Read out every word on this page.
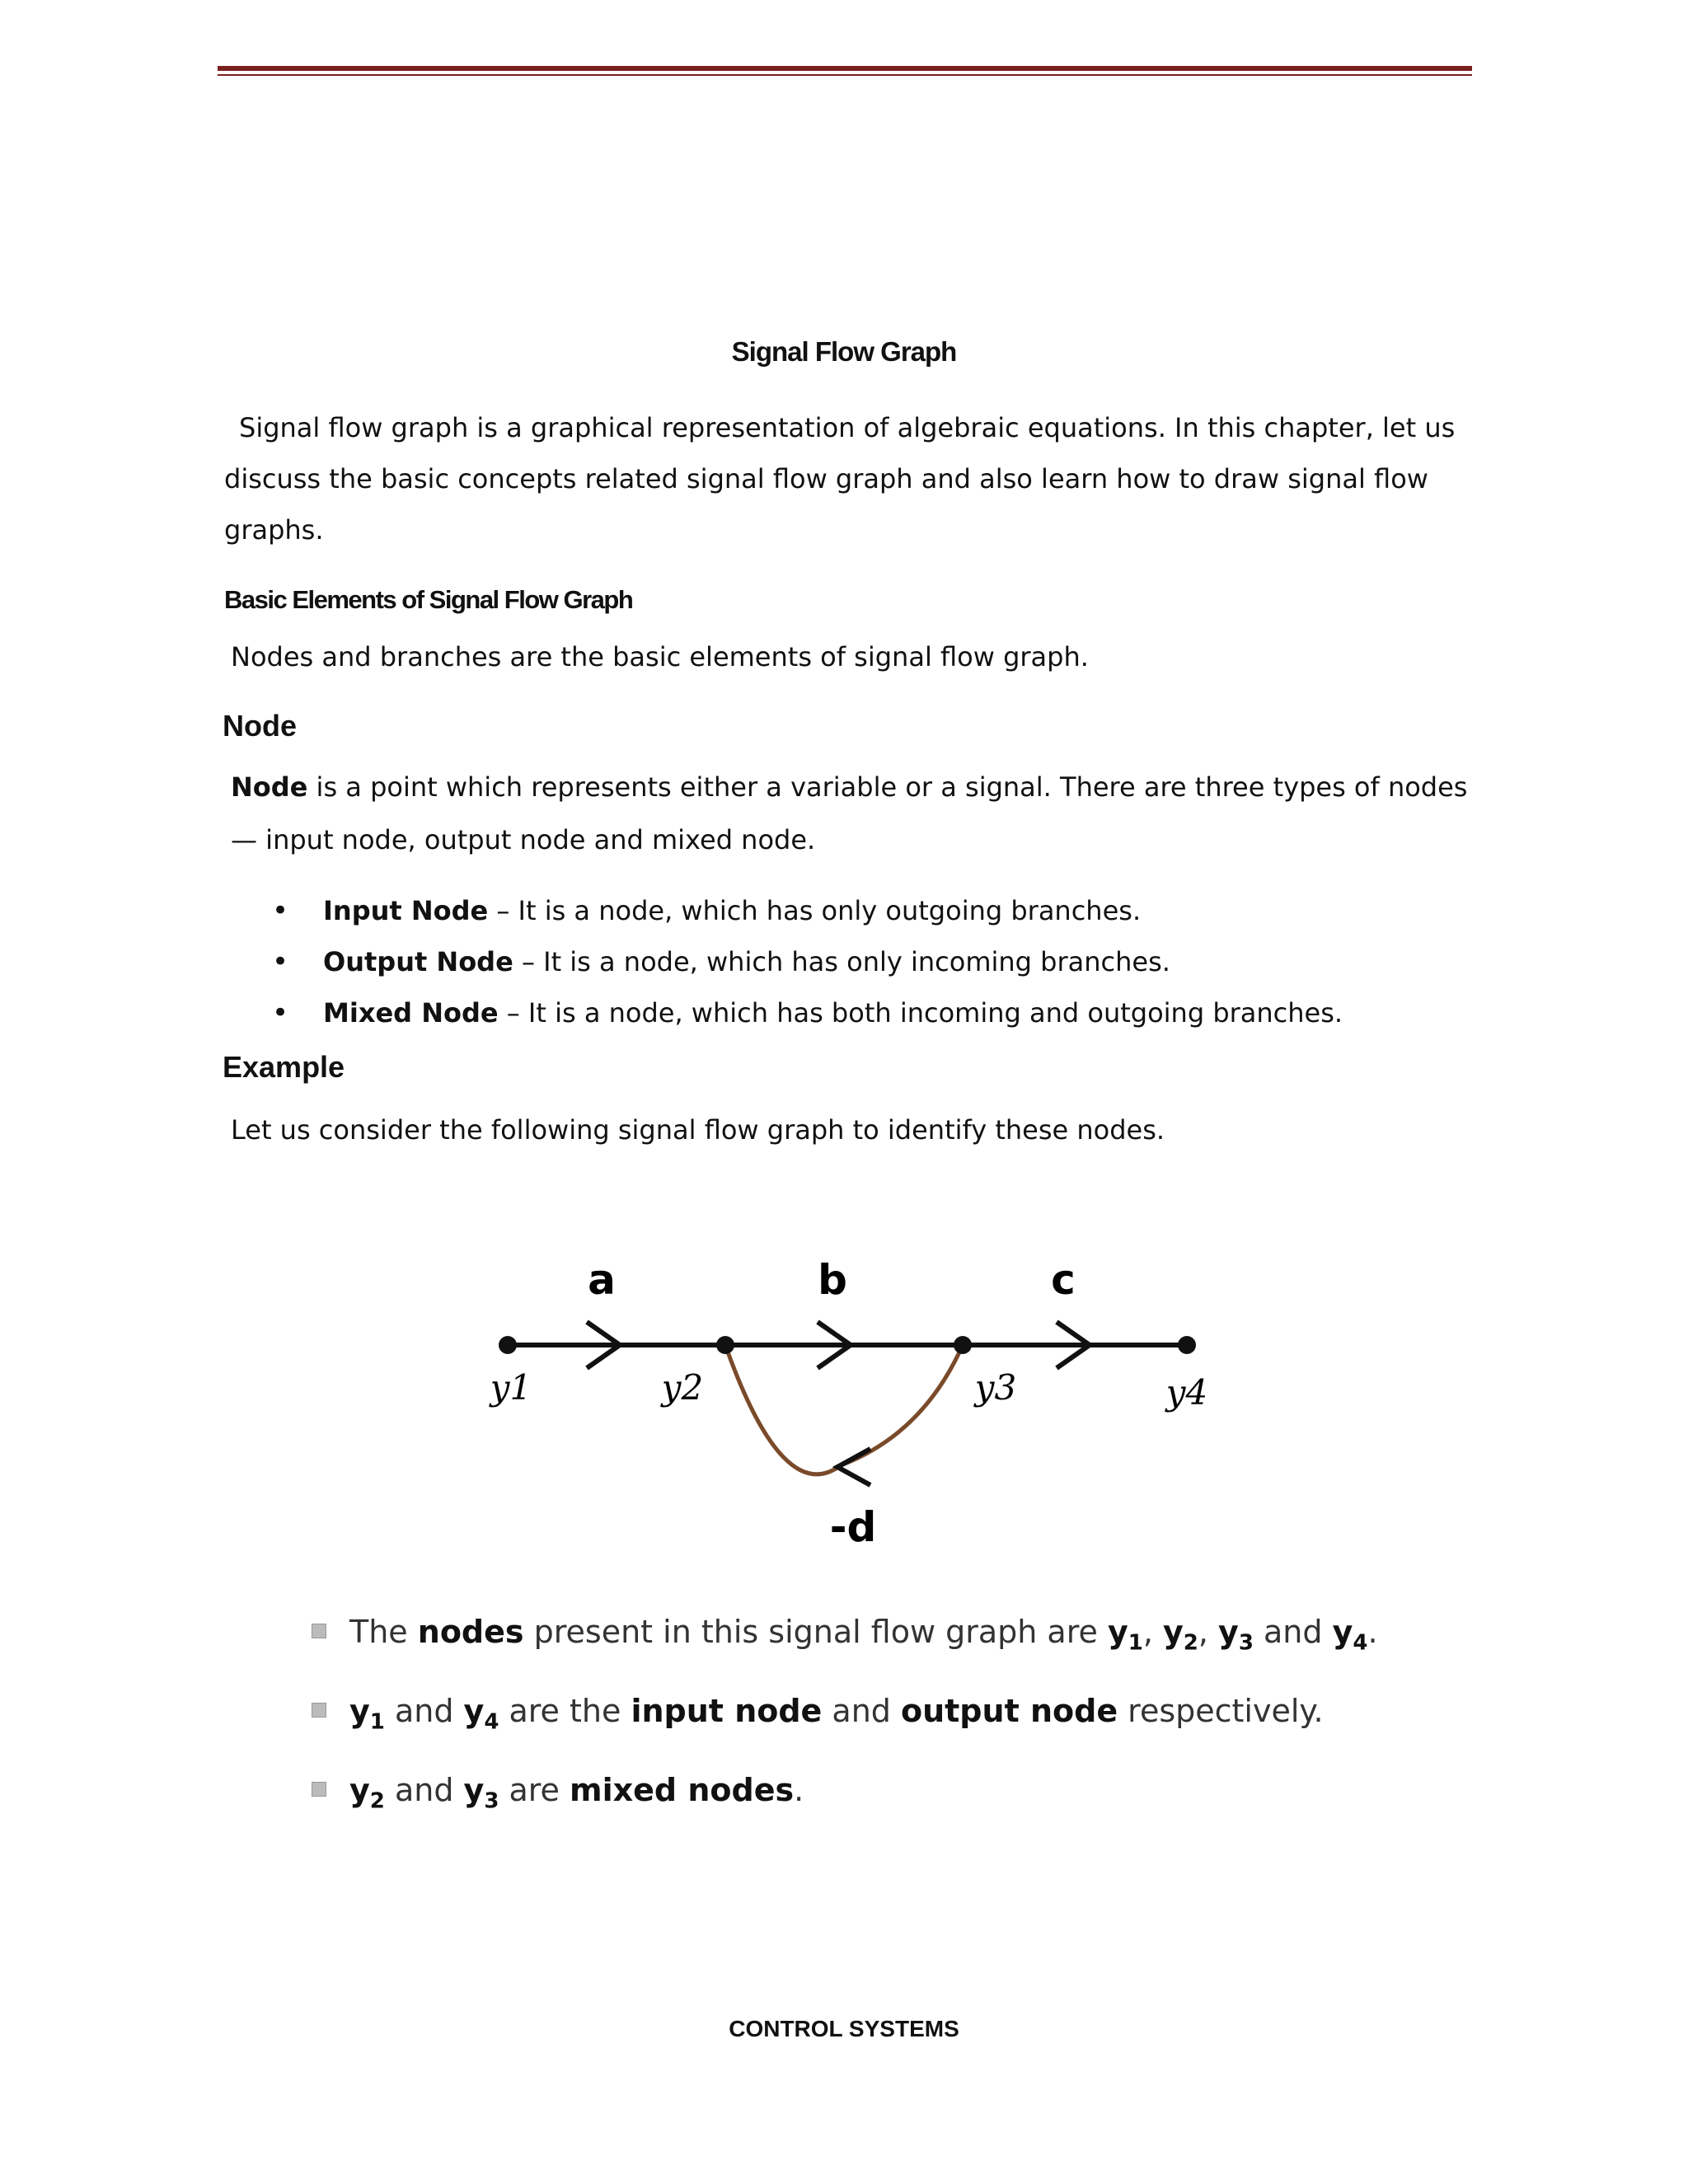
Signal Flow Graph
Signal flow graph is a graphical representation of algebraic equations. In this chapter, let us discuss the basic concepts related signal flow graph and also learn how to draw signal flow graphs.
Basic Elements of Signal Flow Graph
Nodes and branches are the basic elements of signal flow graph.
Node
Node is a point which represents either a variable or a signal. There are three types of nodes
— input node, output node and mixed node.
• Input Node – It is a node, which has only outgoing branches.
• Output Node – It is a node, which has only incoming branches.
• Mixed Node – It is a node, which has both incoming and outgoing branches.
Example
Let us consider the following signal flow graph to identify these nodes.
a	b	c
-d
y1	y2	y3	y4
The nodes present in this signal flow graph are $y_1$, $y_2$, $y_3$ and $y_4$.
$y_1$ and $y_4$ are the input node and output node respectively.
$y_2$ and $y_3$ are mixed nodes.
CONTROL SYSTEMS
